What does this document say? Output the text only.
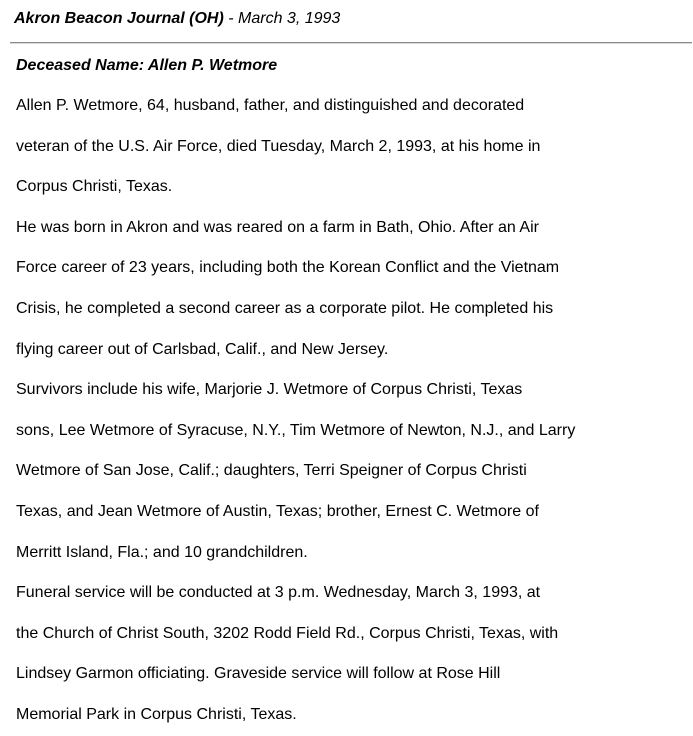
Akron Beacon Journal (OH) - March 3, 1993
Deceased Name: Allen P. Wetmore
Allen P. Wetmore, 64, husband, father, and distinguished and decorated
veteran of the U.S. Air Force, died Tuesday, March 2, 1993, at his home in
Corpus Christi, Texas.
He was born in Akron and was reared on a farm in Bath, Ohio. After an Air
Force career of 23 years, including both the Korean Conflict and the Vietnam
Crisis, he completed a second career as a corporate pilot. He completed his
flying career out of Carlsbad, Calif., and New Jersey.
Survivors include his wife, Marjorie J. Wetmore of Corpus Christi, Texas
sons, Lee Wetmore of Syracuse, N.Y., Tim Wetmore of Newton, N.J., and Larry
Wetmore of San Jose, Calif.; daughters, Terri Speigner of Corpus Christi
Texas, and Jean Wetmore of Austin, Texas; brother, Ernest C. Wetmore of
Merritt Island, Fla.; and 10 grandchildren.
Funeral service will be conducted at 3 p.m. Wednesday, March 3, 1993, at
the Church of Christ South, 3202 Rodd Field Rd., Corpus Christi, Texas, with
Lindsey Garmon officiating. Graveside service will follow at Rose Hill
Memorial Park in Corpus Christi, Texas.
